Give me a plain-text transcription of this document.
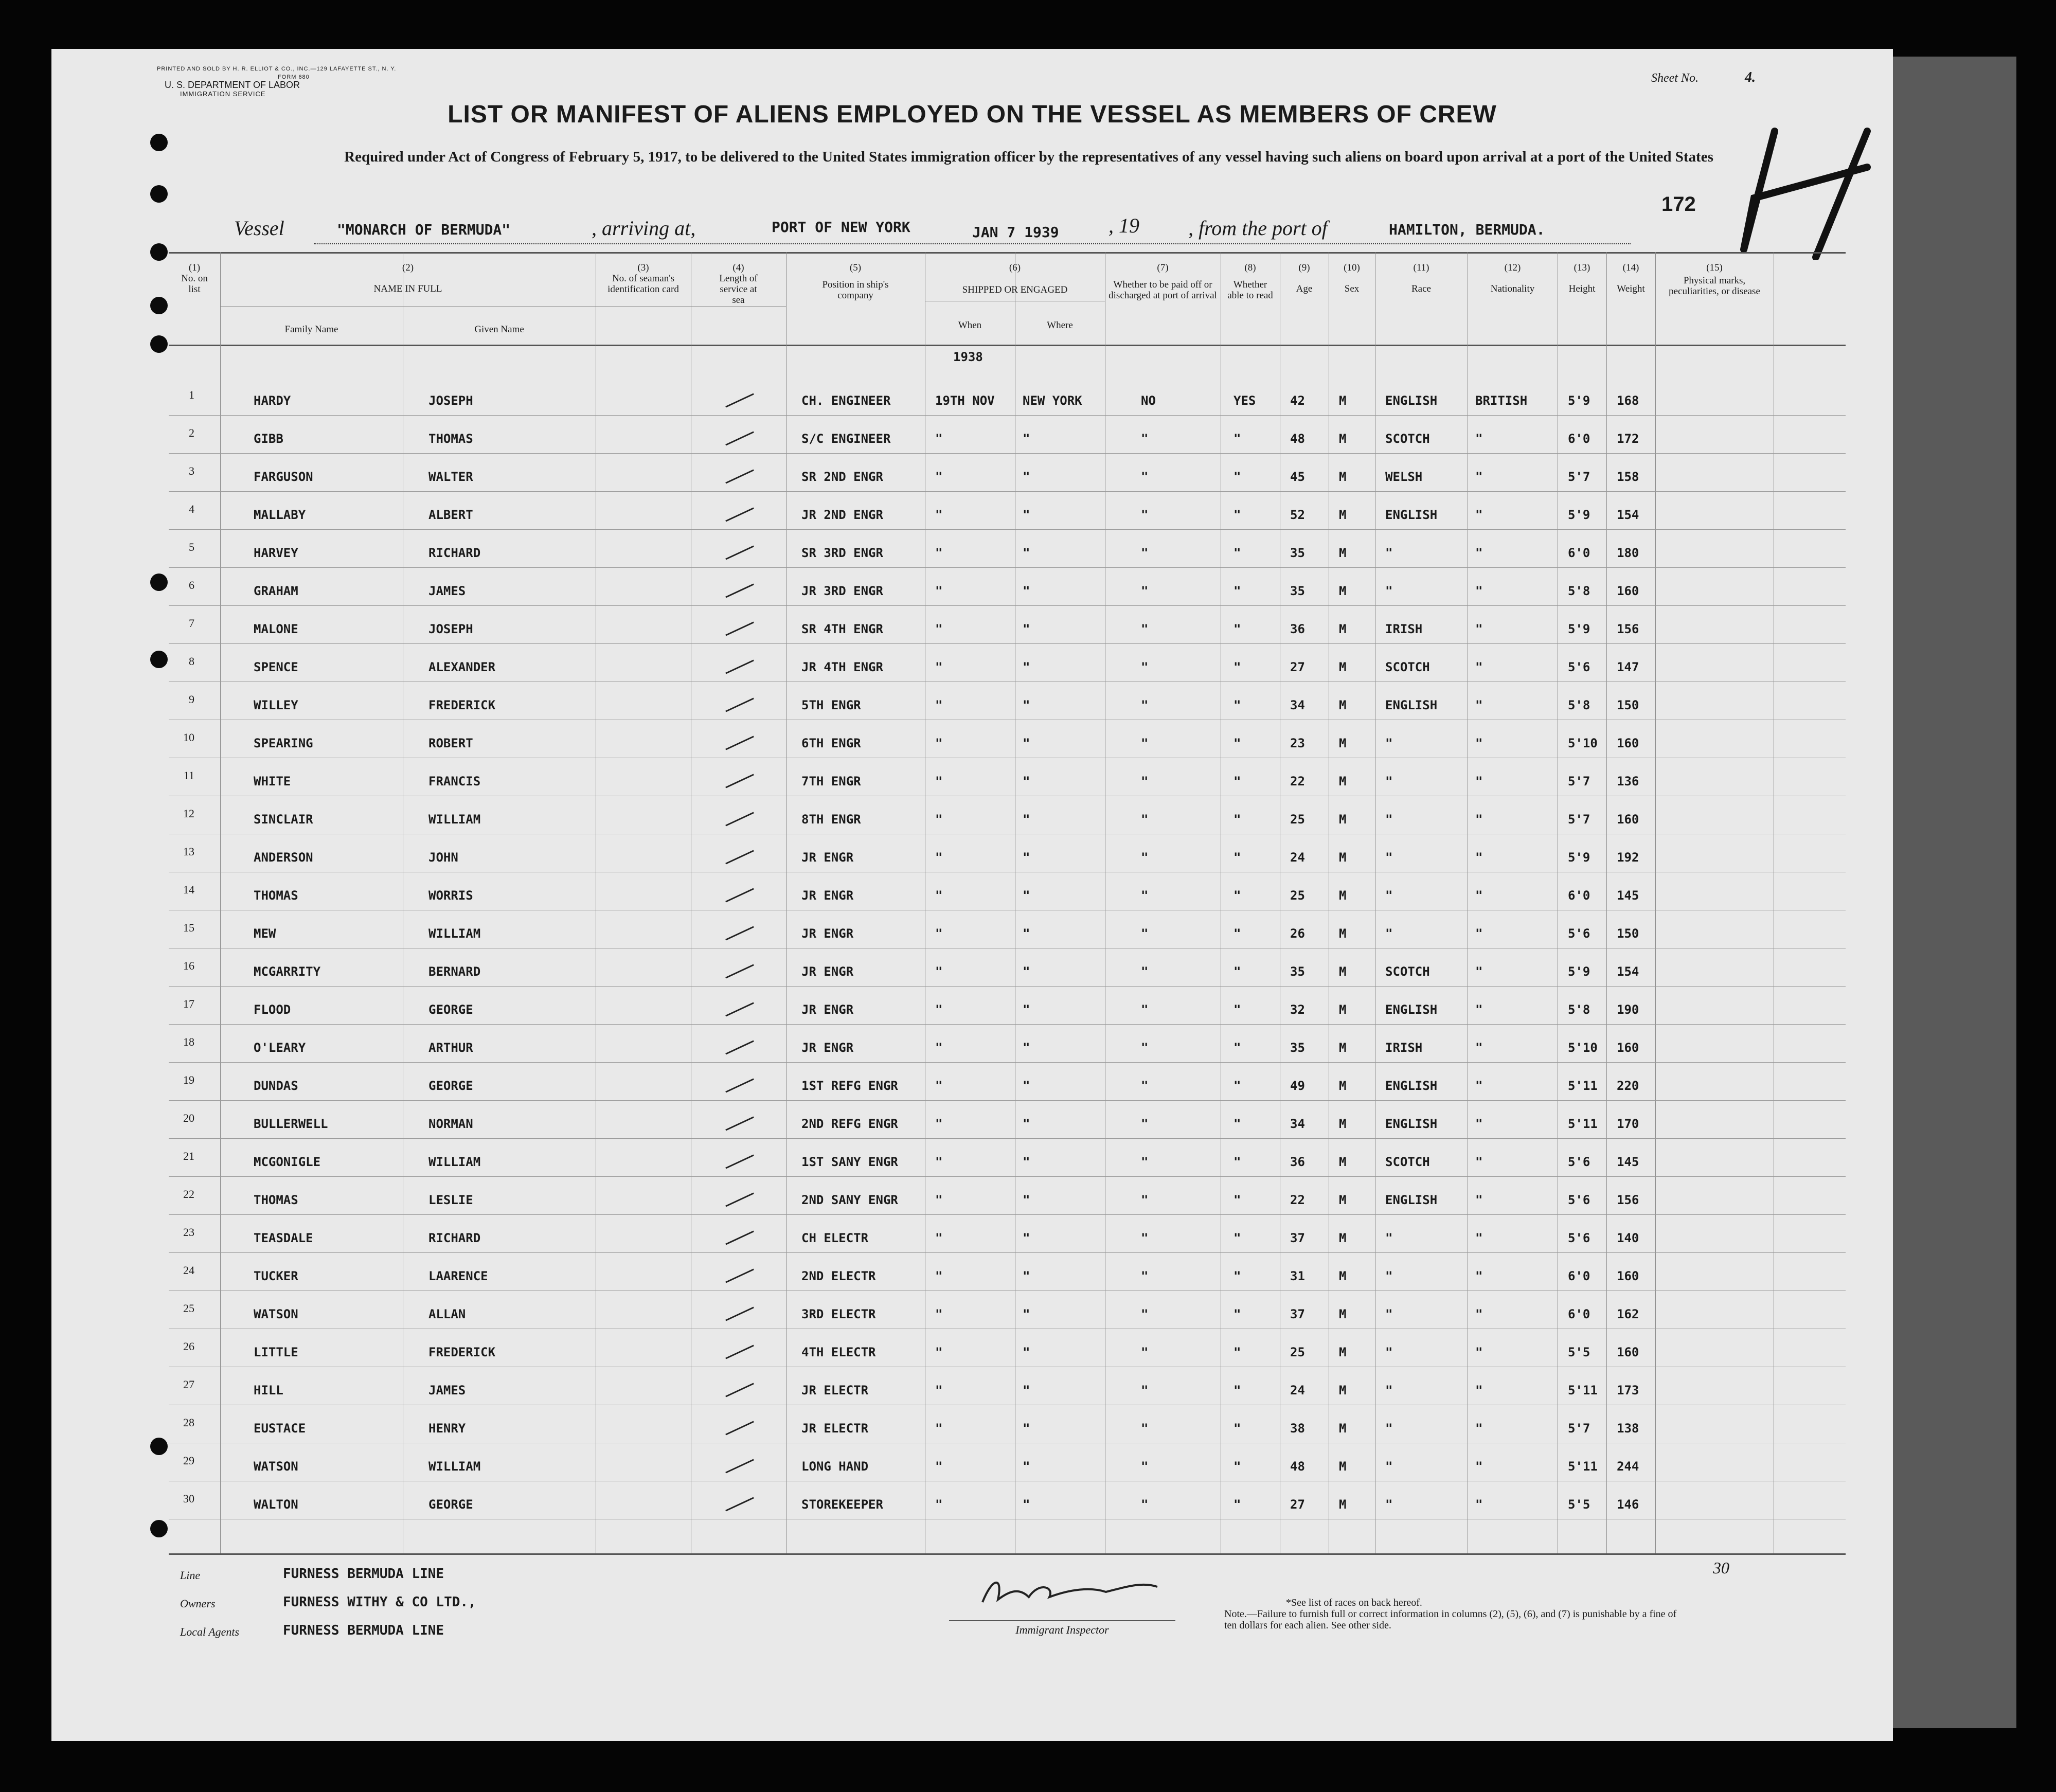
PRINTED AND SOLD BY H. R. ELLIOT & CO., INC.—129 LAFAYETTE ST., N. Y.
FORM 680
U. S. DEPARTMENT OF LABOR
IMMIGRATION SERVICE
Sheet No.	4.
LIST OR MANIFEST OF ALIENS EMPLOYED ON THE VESSEL AS MEMBERS OF CREW
Required under Act of Congress of February 5, 1917, to be delivered to the United States immigration officer by the representatives of any vessel having such aliens on board upon arrival at a port of the United States
172
Vessel	"MONARCH OF BERMUDA"	, arriving at,	PORT OF NEW YORK	JAN 7 1939 , 19 , from the port of	HAMILTON, BERMUDA.
(1)
No. on list
(2)
NAME IN FULL
Family Name	Given Name
(3)
No. of seaman's identification card
(4)
Length of service at sea
(5)
Position in ship's company
(6)
SHIPPED OR ENGAGED
When	Where
(7)
Whether to be paid off or discharged at port of arrival
(8)
Whether able to read
(9)
Age
(10)
Sex
(11)
Race
(12)
Nationality
(13)
Height
(14)
Weight
(15)
Physical marks, peculiarities, or disease
1938
1	HARDY	JOSEPH	CH. ENGINEER	19TH NOV NEW YORK	NO	YES	42	M	ENGLISH	BRITISH	5'9 168
2	GIBB	THOMAS	S/C ENGINEER	"	"	"	"	48	M	SCOTCH	"	6'0 172
3	FARGUSON	WALTER	SR 2ND ENGR	"	"	"	"	45	M	WELSH	"	5'7 158
4	MALLABY	ALBERT	JR 2ND ENGR	"	"	"	"	52	M	ENGLISH	"	5'9 154
5	HARVEY	RICHARD	SR 3RD ENGR	"	"	"	"	35	M	"	"	6'0 180
6	GRAHAM	JAMES	JR 3RD ENGR	"	"	"	"	35	M	"	"	5'8 160
7	MALONE	JOSEPH	SR 4TH ENGR	"	"	"	"	36	M	IRISH	"	5'9 156
8	SPENCE	ALEXANDER	JR 4TH ENGR	"	"	"	"	27	M	SCOTCH	"	5'6 147
9	WILLEY	FREDERICK	5TH ENGR	"	"	"	"	34	M	ENGLISH	"	5'8 150
10	SPEARING	ROBERT	6TH ENGR	"	"	"	"	23	M	"	"	5'10 160
11	WHITE	FRANCIS	7TH ENGR	"	"	"	"	22	M	"	"	5'7 136
12	SINCLAIR	WILLIAM	8TH ENGR	"	"	"	"	25	M	"	"	5'7 160
13	ANDERSON	JOHN	JR ENGR	"	"	"	"	24	M	"	"	5'9 192
14	THOMAS	WORRIS	JR ENGR	"	"	"	"	25	M	"	"	6'0 145
15	MEW	WILLIAM	JR ENGR	"	"	"	"	26	M	"	"	5'6 150
16	MCGARRITY	BERNARD	JR ENGR	"	"	"	"	35	M	SCOTCH	"	5'9 154
17	FLOOD	GEORGE	JR ENGR	"	"	"	"	32	M	ENGLISH	"	5'8 190
18	O'LEARY	ARTHUR	JR ENGR	"	"	"	"	35	M	IRISH	"	5'10 160
19	DUNDAS	GEORGE	1ST REFG ENGR	"	"	"	"	49	M	ENGLISH	"	5'11 220
20	BULLERWELL	NORMAN	2ND REFG ENGR	"	"	"	"	34	M	ENGLISH	"	5'11 170
21	MCGONIGLE	WILLIAM	1ST SANY ENGR	"	"	"	"	36	M	SCOTCH	"	5'6 145
22	THOMAS	LESLIE	2ND SANY ENGR	"	"	"	"	22	M	ENGLISH	"	5'6 156
23	TEASDALE	RICHARD	CH ELECTR	"	"	"	"	37	M	"	"	5'6 140
24	TUCKER	LAARENCE	2ND ELECTR	"	"	"	"	31	M	"	"	6'0 160
25	WATSON	ALLAN	3RD ELECTR	"	"	"	"	37	M	"	"	6'0 162
26	LITTLE	FREDERICK	4TH ELECTR	"	"	"	"	25	M	"	"	5'5 160
27	HILL	JAMES	JR ELECTR	"	"	"	"	24	M	"	"	5'11 173
28	EUSTACE	HENRY	JR ELECTR	"	"	"	"	38	M	"	"	5'7 138
29	WATSON	WILLIAM	LONG HAND	"	"	"	"	48	M	"	"	5'11 244
30	WALTON	GEORGE	STOREKEEPER	"	"	"	"	27	M	"	"	5'5 146
Line	FURNESS BERMUDA LINE
Owners	FURNESS WITHY & CO LTD.,
Local Agents	FURNESS BERMUDA LINE	Immigrant Inspector
30
*See list of races on back hereof.
Note.—Failure to furnish full or correct information in columns (2), (5), (6), and (7) is punishable by a fine of ten dollars for each alien. See other side.
